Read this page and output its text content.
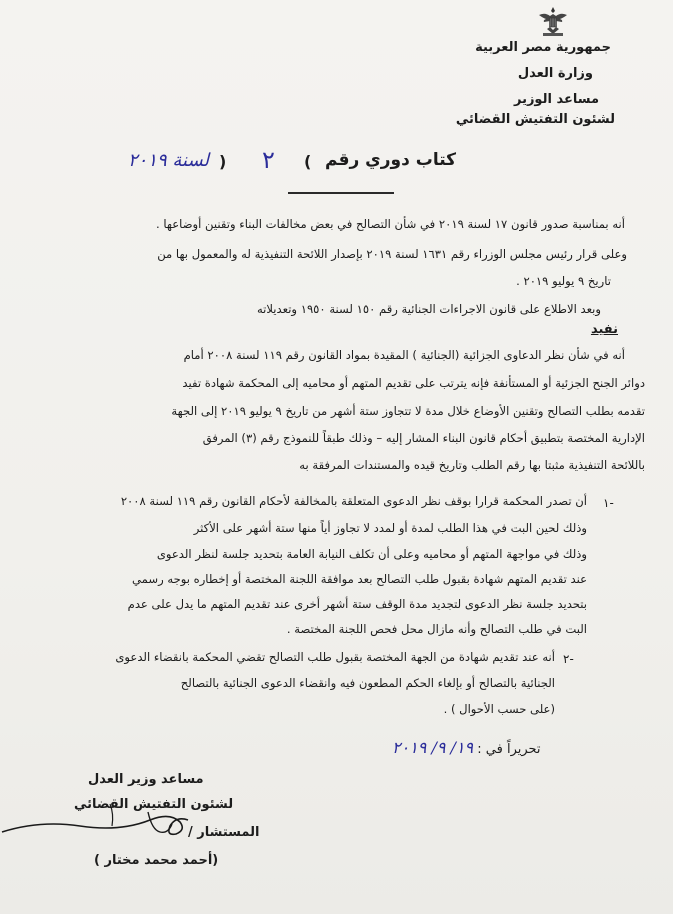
جمهورية مصر العربية
وزارة العدل
مساعد الوزير
لشئون التفتيش القضائي
كتاب دوري رقم
(
٢
)
لسنة ٢٠١٩
أنه بمناسبة صدور قانون ١٧ لسنة ٢٠١٩ في شأن التصالح في بعض مخالفات البناء وتقنين أوضاعها .
وعلى قرار رئيس مجلس الوزراء رقم ١٦٣١ لسنة ٢٠١٩ بإصدار اللائحة التنفيذية له والمعمول بها من
تاريخ ٩ يوليو ٢٠١٩ .
وبعد الاطلاع على قانون الاجراءات الجنائية رقم ١٥٠ لسنة ١٩٥٠ وتعديلاته
نفيد
أنه في شأن نظر الدعاوى الجزائية (الجنائية ) المقيدة بمواد القانون رقم ١١٩ لسنة ٢٠٠٨ أمام
دوائر الجنح الجزئية أو المستأنفة فإنه يترتب على تقديم المتهم أو محاميه إلى المحكمة شهادة تفيد
تقدمه بطلب التصالح وتقنين الأوضاع خلال مدة لا تتجاوز ستة أشهر من تاريخ ٩ يوليو ٢٠١٩ إلى الجهة
الإدارية المختصة بتطبيق أحكام قانون البناء المشار إليه – وذلك طبقاً للنموذج رقم (٣) المرفق
باللائحة التنفيذية مثبتا بها رقم الطلب وتاريخ قيده والمستندات المرفقة به
١-
أن تصدر المحكمة قرارا بوقف نظر الدعوى المتعلقة بالمخالفة لأحكام القانون رقم ١١٩ لسنة ٢٠٠٨
وذلك لحين البت في هذا الطلب لمدة أو لمدد لا تجاوز أياً منها ستة أشهر على الأكثر
وذلك في مواجهة المتهم أو محاميه وعلى أن تكلف النيابة العامة بتحديد جلسة لنظر الدعوى
عند تقديم المتهم شهادة بقبول طلب التصالح بعد موافقة اللجنة المختصة أو إخطاره بوجه رسمي
بتحديد جلسة نظر الدعوى لتجديد مدة الوقف ستة أشهر أخرى عند تقديم المتهم ما يدل على عدم
البت في طلب التصالح وأنه مازال محل فحص اللجنة المختصة .
٢-
أنه عند تقديم شهادة من الجهة المختصة بقبول طلب التصالح تقضي المحكمة بانقضاء الدعوى
الجنائية بالتصالح أو بإلغاء الحكم المطعون فيه وانقضاء الدعوى الجنائية بالتصالح
(على حسب الأحوال ) .
تحريراً في : ١٩/ ٩/ ٢٠١٩
مساعد وزير العدل
لشئون التفتيش القضائي
المستشار /
(أحمد محمد مختار )
